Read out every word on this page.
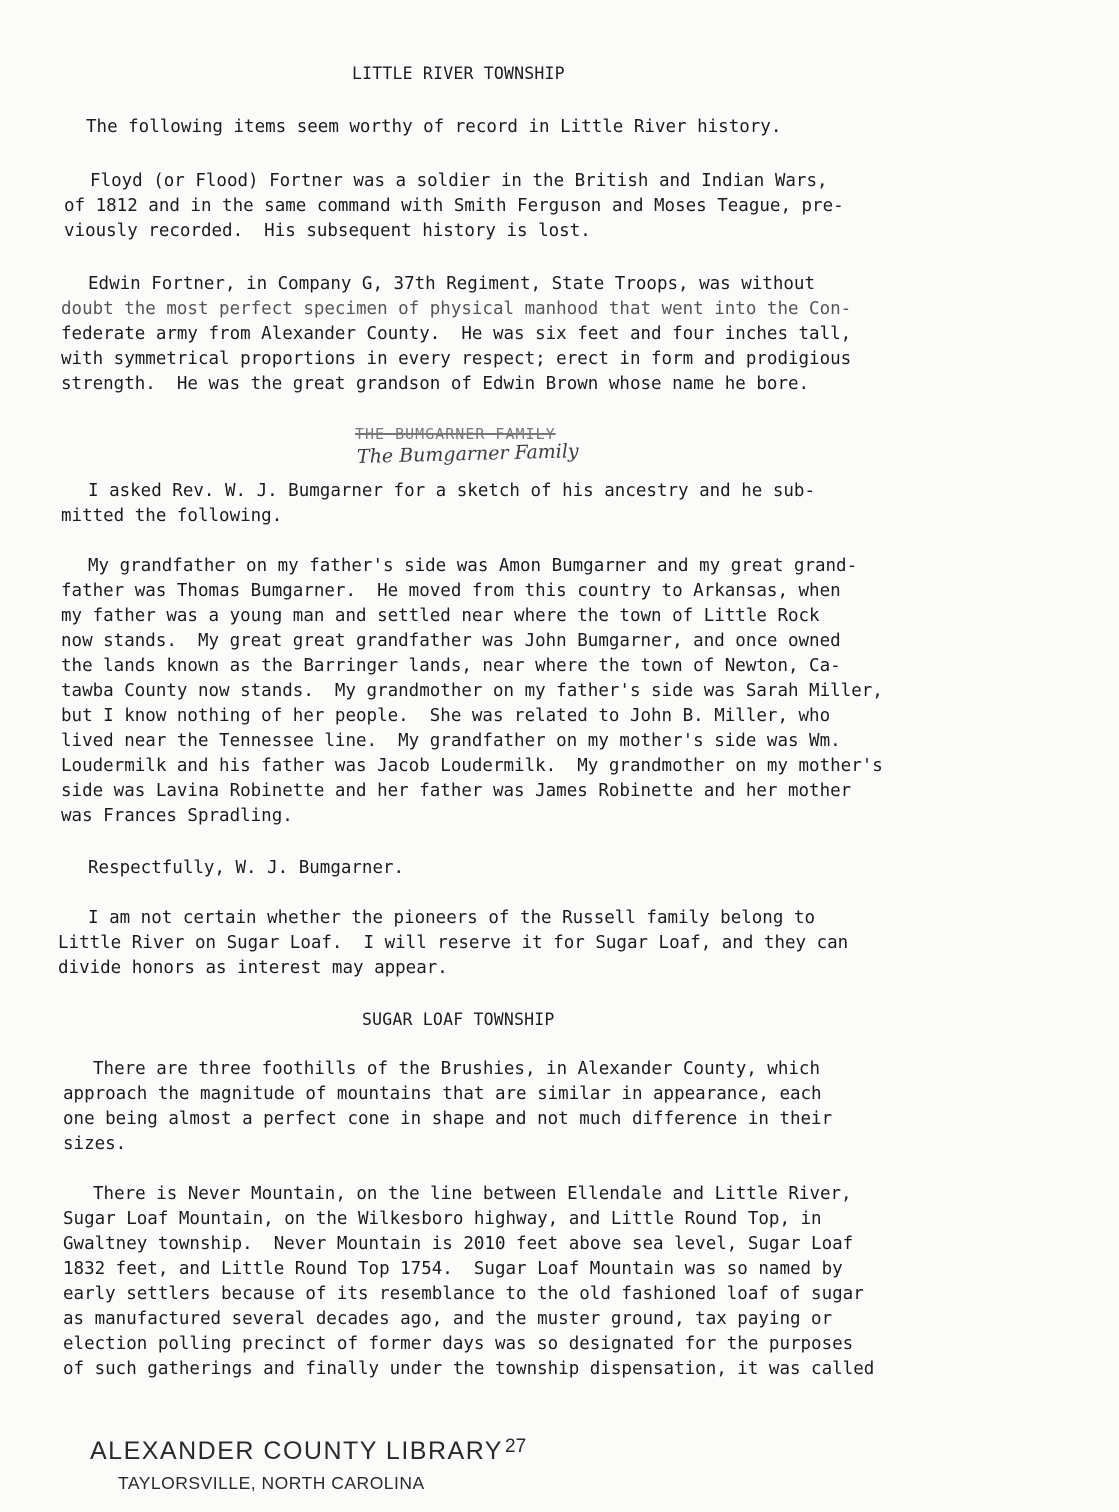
LITTLE RIVER TOWNSHIP
The following items seem worthy of record in Little River history.
Floyd (or Flood) Fortner was a soldier in the British and Indian Wars,
of 1812 and in the same command with Smith Ferguson and Moses Teague, pre-
viously recorded.  His subsequent history is lost.
Edwin Fortner, in Company G, 37th Regiment, State Troops, was without
doubt the most perfect specimen of physical manhood that went into the Con-
federate army from Alexander County.  He was six feet and four inches tall,
with symmetrical proportions in every respect; erect in form and prodigious
strength.  He was the great grandson of Edwin Brown whose name he bore.
THE BUMGARNER FAMILY
The Bumgarner Family
I asked Rev. W. J. Bumgarner for a sketch of his ancestry and he sub-
mitted the following.
My grandfather on my father's side was Amon Bumgarner and my great grand-
father was Thomas Bumgarner.  He moved from this country to Arkansas, when
my father was a young man and settled near where the town of Little Rock
now stands.  My great great grandfather was John Bumgarner, and once owned
the lands known as the Barringer lands, near where the town of Newton, Ca-
tawba County now stands.  My grandmother on my father's side was Sarah Miller,
but I know nothing of her people.  She was related to John B. Miller, who
lived near the Tennessee line.  My grandfather on my mother's side was Wm.
Loudermilk and his father was Jacob Loudermilk.  My grandmother on my mother's
side was Lavina Robinette and her father was James Robinette and her mother
was Frances Spradling.
Respectfully, W. J. Bumgarner.
I am not certain whether the pioneers of the Russell family belong to
Little River on Sugar Loaf.  I will reserve it for Sugar Loaf, and they can
divide honors as interest may appear.
SUGAR LOAF TOWNSHIP
There are three foothills of the Brushies, in Alexander County, which
approach the magnitude of mountains that are similar in appearance, each
one being almost a perfect cone in shape and not much difference in their
sizes.
There is Never Mountain, on the line between Ellendale and Little River,
Sugar Loaf Mountain, on the Wilkesboro highway, and Little Round Top, in
Gwaltney township.  Never Mountain is 2010 feet above sea level, Sugar Loaf
1832 feet, and Little Round Top 1754.  Sugar Loaf Mountain was so named by
early settlers because of its resemblance to the old fashioned loaf of sugar
as manufactured several decades ago, and the muster ground, tax paying or
election polling precinct of former days was so designated for the purposes
of such gatherings and finally under the township dispensation, it was called
ALEXANDER COUNTY LIBRARY
TAYLORSVILLE, NORTH CAROLINA
27
